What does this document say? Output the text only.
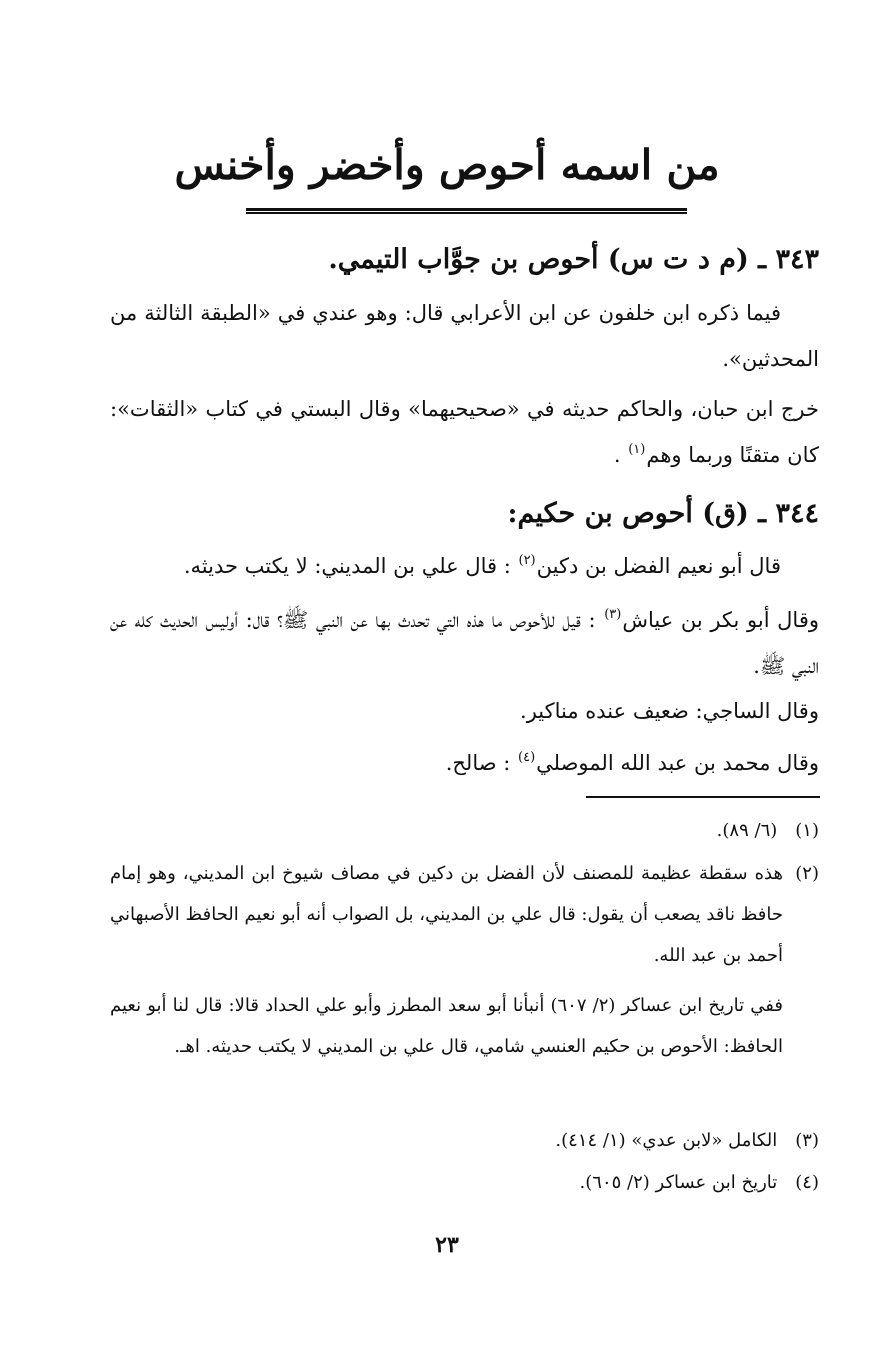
من اسمه أحوص وأخضر وأخنس
٣٤٣ ـ (م د ت س) أحوص بن جوَّاب التيمي.

فيما ذكره ابن خلفون عن ابن الأعرابي قال: وهو عندي في «الطبقة الثالثة من المحدثين».

خرج ابن حبان، والحاكم حديثه في «صحيحيهما» وقال البستي في كتاب «الثقات»: كان متقنًا وربما وهم$^{(١)}$ .

٣٤٤ ـ (ق) أحوص بن حكيم:

قال أبو نعيم الفضل بن دكين$^{(٢)}$ : قال علي بن المديني: لا يكتب حديثه.

وقال أبو بكر بن عياش$^{(٣)}$ : قيل للأحوص ما هذه التي تحدث بها عن النبي ﷺ؟ قال: أوليس الحديث كله عن النبي ﷺ.

وقال الساجي: ضعيف عنده مناكير.
وقال محمد بن عبد الله الموصلي$^{(٤)}$ : صالح.
(١) (٦/ ٨٩).
(٢)

هذه سقطة عظيمة للمصنف لأن الفضل بن دكين في مصاف شيوخ ابن المديني، وهو إمام حافظ ناقد يصعب أن يقول: قال علي بن المديني، بل الصواب أنه أبو نعيم الحافظ الأصبهاني أحمد بن عبد الله.

ففي تاريخ ابن عساكر (٢/ ٦٠٧) أنبأنا أبو سعد المطرز وأبو علي الحداد قالا: قال لنا أبو نعيم الحافظ: الأحوص بن حكيم العنسي شامي، قال علي بن المديني لا يكتب حديثه. اهـ.

(٣) الكامل «لابن عدي» (١/ ٤١٤).
(٤) تاريخ ابن عساكر (٢/ ٦٠٥).
٢٣
